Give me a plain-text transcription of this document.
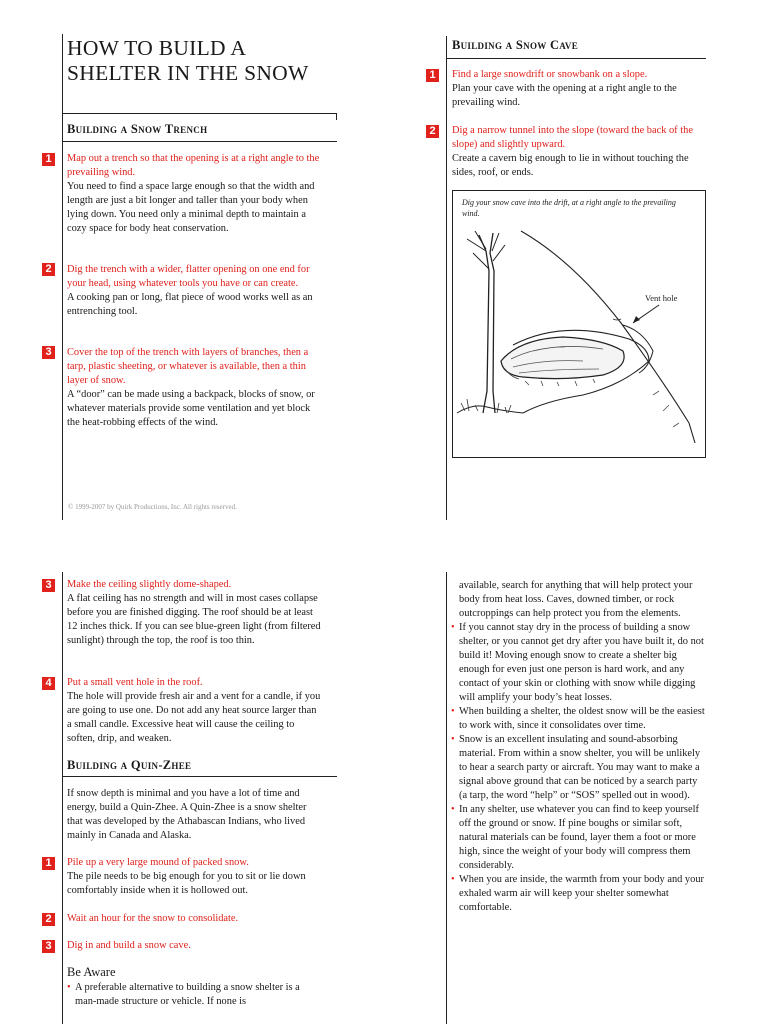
HOW TO BUILD A SHELTER IN THE SNOW
Building a Snow Trench
1	Map out a trench so that the opening is at a right angle to the prevailing wind.

You need to find a space large enough so that the width and length are just a bit longer and taller than your body when lying down. You need only a minimal depth to maintain a cozy space for body heat conservation.

2	Dig the trench with a wider, flatter opening on one end for your head, using whatever tools you have or can create.

A cooking pan or long, flat piece of wood works well as an entrenching tool.

3	Cover the top of the trench with layers of branches, then a tarp, plastic sheeting, or whatever is available, then a thin layer of snow.

A “door” can be made using a backpack, blocks of snow, or whatever materials provide some ventilation and yet block the heat-robbing effects of the wind.

© 1999-2007 by Quirk Productions, Inc. All rights reserved.
Building a Snow Cave
1	Find a large snowdrift or snowbank on a slope.

Plan your cave with the opening at a right angle to the prevailing wind.

2	Dig a narrow tunnel into the slope (toward the back of the slope) and slightly upward.

Create a cavern big enough to lie in without touching the sides, roof, or ends.

Dig your snow cave into the drift, at a right angle to the prevailing wind.
Vent hole
3	Make the ceiling slightly dome-shaped.

A flat ceiling has no strength and will in most cases collapse before you are finished digging. The roof should be at least 12 inches thick. If you can see blue-green light (from filtered sunlight) through the top, the roof is too thin.

4	Put a small vent hole in the roof.

The hole will provide fresh air and a vent for a candle, if you are going to use one. Do not add any heat source larger than a small candle. Excessive heat will cause the ceiling to soften, drip, and weaken.

Building a Quin-Zhee

If snow depth is minimal and you have a lot of time and energy, build a Quin-Zhee. A Quin-Zhee is a snow shelter that was developed by the Athabascan Indians, who lived mainly in Canada and Alaska.

1	Pile up a very large mound of packed snow.

The pile needs to be big enough for you to sit or lie down comfortably inside when it is hollowed out.

2	Wait an hour for the snow to consolidate.

3	Dig in and build a snow cave.

Be Aware
• A preferable alternative to building a snow shelter is a man-made structure or vehicle. If none is

available, search for anything that will help protect your body from heat loss. Caves, downed timber, or rock outcroppings can help protect you from the elements.

• If you cannot stay dry in the process of building a snow shelter, or you cannot get dry after you have built it, do not build it! Moving enough snow to create a shelter big enough for even just one person is hard work, and any contact of your skin or clothing with snow while digging will amplify your body’s heat losses.
• When building a shelter, the oldest snow will be the easiest to work with, since it consolidates over time.
• Snow is an excellent insulating and sound-absorbing material. From within a snow shelter, you will be unlikely to hear a search party or aircraft. You may want to make a signal above ground that can be noticed by a search party (a tarp, the word “help” or “SOS” spelled out in wood).
• In any shelter, use whatever you can find to keep yourself off the ground or snow. If pine boughs or similar soft, natural materials can be found, layer them a foot or more high, since the weight of your body will compress them considerably.
• When you are inside, the warmth from your body and your exhaled warm air will keep your shelter somewhat comfortable.
